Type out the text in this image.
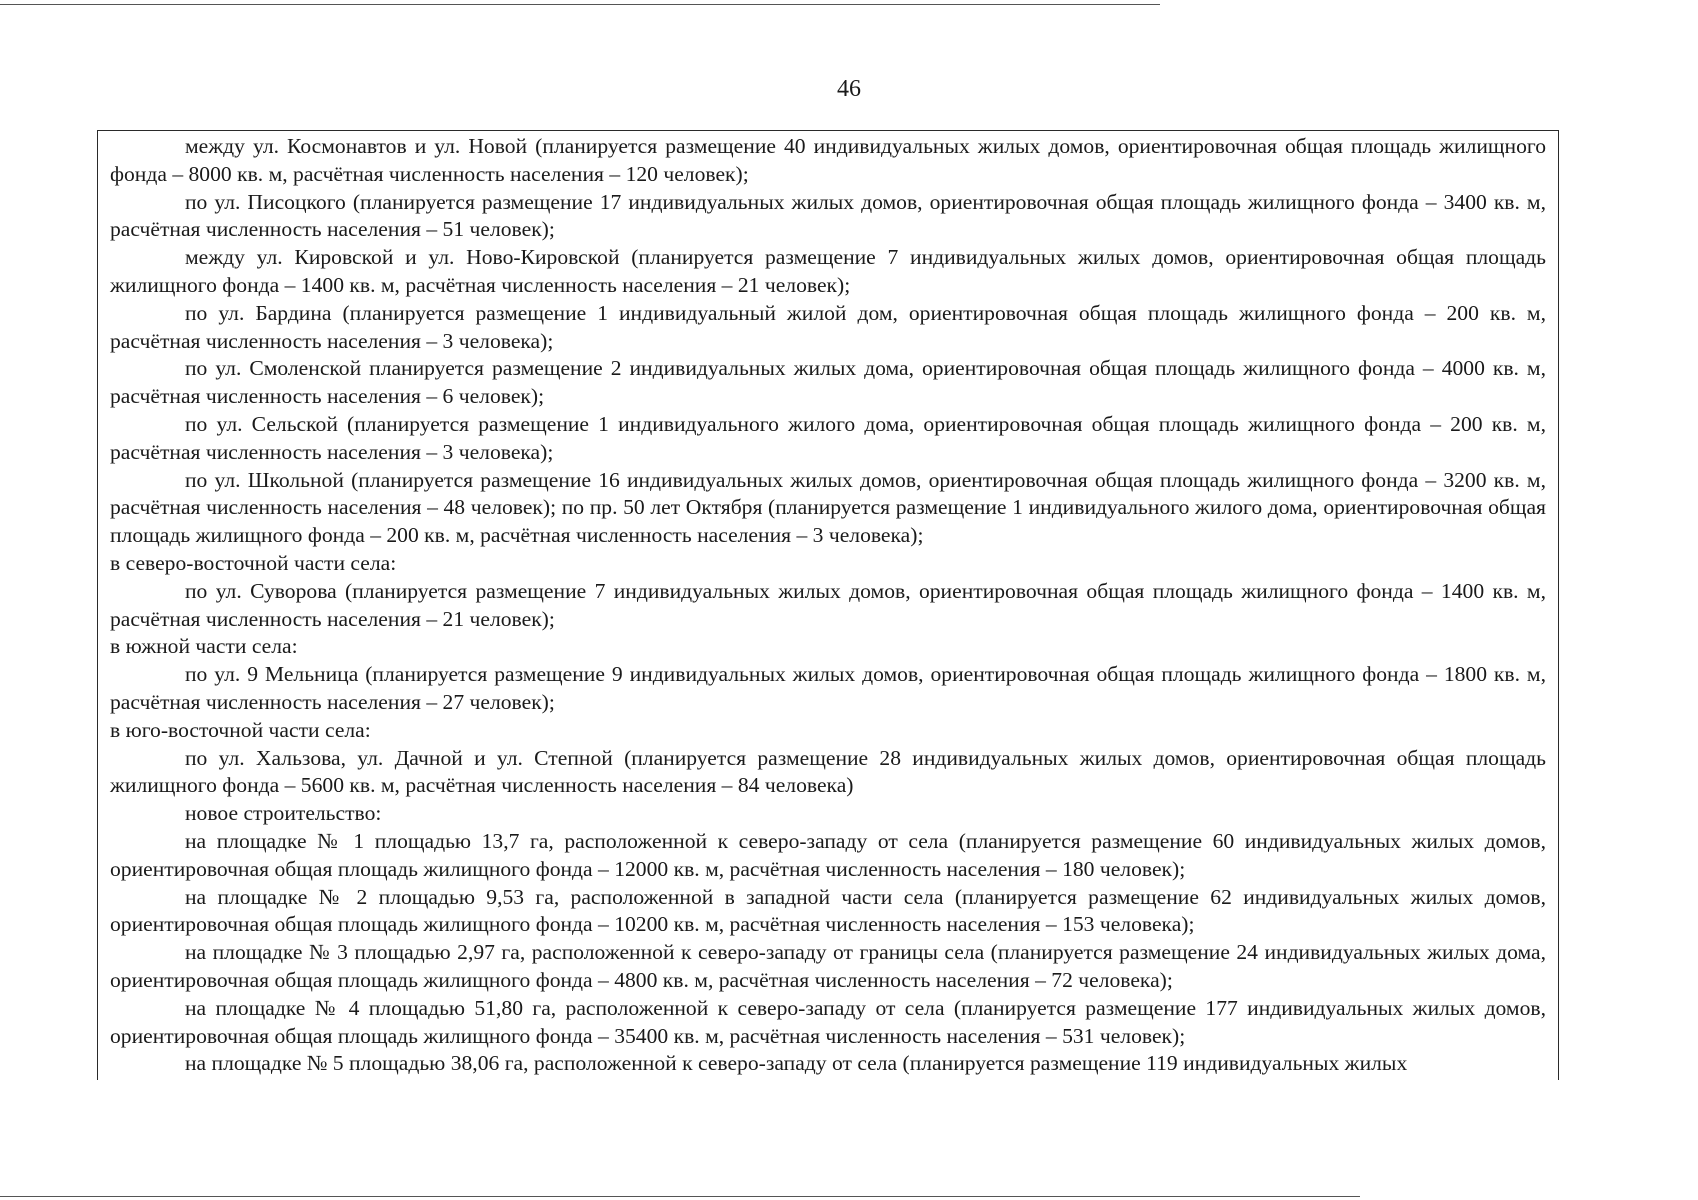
46

между ул. Космонавтов и ул. Новой (планируется размещение 40 индивидуальных жилых домов, ориентировочная общая площадь жилищного фонда – 8000 кв. м, расчётная численность населения – 120 человек);

по ул. Писоцкого (планируется размещение 17 индивидуальных жилых домов, ориентировочная общая площадь жилищного фонда – 3400 кв. м, расчётная численность населения – 51 человек);

между ул. Кировской и ул. Ново-Кировской (планируется размещение 7 индивидуальных жилых домов, ориентировочная общая площадь жилищного фонда – 1400 кв. м, расчётная численность населения – 21 человек);

по ул. Бардина (планируется размещение 1 индивидуальный жилой дом, ориентировочная общая площадь жилищного фонда – 200 кв. м, расчётная численность населения – 3 человека);

по ул. Смоленской планируется размещение 2 индивидуальных жилых дома, ориентировочная общая площадь жилищного фонда – 4000 кв. м, расчётная численность населения – 6 человек);

по ул. Сельской (планируется размещение 1 индивидуального жилого дома, ориентировочная общая площадь жилищного фонда – 200 кв. м, расчётная численность населения – 3 человека);

по ул. Школьной (планируется размещение 16 индивидуальных жилых домов, ориентировочная общая площадь жилищного фонда – 3200 кв. м, расчётная численность населения – 48 человек); по пр. 50 лет Октября (планируется размещение 1 индивидуального жилого дома, ориентировочная общая площадь жилищного фонда – 200 кв. м, расчётная численность населения – 3 человека);

в северо-восточной части села:

по ул. Суворова (планируется размещение 7 индивидуальных жилых домов, ориентировочная общая площадь жилищного фонда – 1400 кв. м, расчётная численность населения – 21 человек);

в южной части села:

по ул. 9 Мельница (планируется размещение 9 индивидуальных жилых домов, ориентировочная общая площадь жилищного фонда – 1800 кв. м, расчётная численность населения – 27 человек);

в юго-восточной части села:

по ул. Хальзова, ул. Дачной и ул. Степной (планируется размещение 28 индивидуальных жилых домов, ориентировочная общая площадь жилищного фонда – 5600 кв. м, расчётная численность населения – 84 человека)

новое строительство:

на площадке № 1 площадью 13,7 га, расположенной к северо-западу от села (планируется размещение 60 индивидуальных жилых домов, ориентировочная общая площадь жилищного фонда – 12000 кв. м, расчётная численность населения – 180 человек);

на площадке № 2 площадью 9,53 га, расположенной в западной части села (планируется размещение 62 индивидуальных жилых домов, ориентировочная общая площадь жилищного фонда – 10200 кв. м, расчётная численность населения – 153 человека);

на площадке № 3 площадью 2,97 га, расположенной к северо-западу от границы села (планируется размещение 24 индивидуальных жилых дома, ориентировочная общая площадь жилищного фонда – 4800 кв. м, расчётная численность населения – 72 человека);

на площадке № 4 площадью 51,80 га, расположенной к северо-западу от села (планируется размещение 177 индивидуальных жилых домов, ориентировочная общая площадь жилищного фонда – 35400 кв. м, расчётная численность населения – 531 человек);

на площадке № 5 площадью 38,06 га, расположенной к северо-западу от села (планируется размещение 119 индивидуальных жилых
